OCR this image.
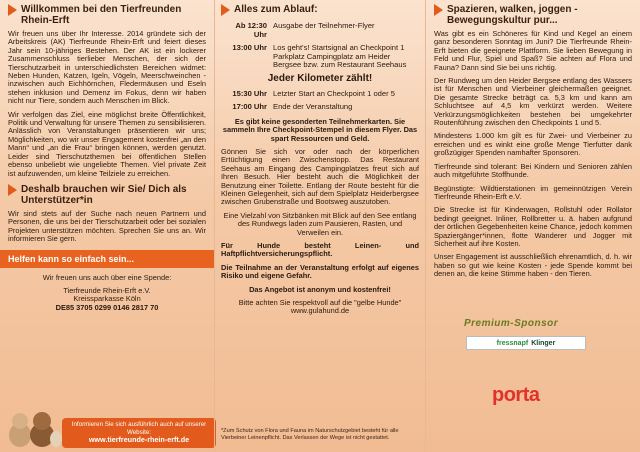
Willkommen bei den Tierfreunden Rhein-Erft

Wir freuen uns über Ihr Interesse. 2014 gründete sich der Arbeitskreis (AK) Tierfreunde Rhein-Erft und feiert dieses Jahr sein 10-jähriges Bestehen. Der AK ist ein lockerer Zusammenschluss tierlieber Menschen, der sich der Tierschutzarbeit in unterschiedlichsten Bereichen widmet: Neben Hunden, Katzen, Igeln, Vögeln, Meerschweinchen - inzwischen auch Eichhörnchen, Fledermäusen und Eseln stehen inklusion und Demenz im Fokus, denn wir haben nicht nur Tiere, sondern auch Menschen im Blick.

Wir verfolgen das Ziel, eine möglichst breite Öffentlichkeit, Politik und Verwaltung für unsere Themen zu sensibilisieren. Anlässlich von Veranstaltungen präsentieren wir uns; Möglichkeiten, wo wir unser Engagement kostenfrei „an den Mann“ und „an die Frau“ bringen können, werden genutzt. Leider sind Tierschutzthemen bei öffentlichen Stellen ebenso unbeliebt wie ungeliebte Themen. Viel private Zeit ist aufzuwenden, um kleine Teilziele zu erreichen.

Deshalb brauchen wir Sie/ Dich als Unterstützer*in

Wir sind stets auf der Suche nach neuen Partnern und Personen, die uns bei der Tierschutzarbeit oder bei sozialen Projekten unterstützen möchten. Sprechen Sie uns an. Wir informieren Sie gern.

Helfen kann so einfach sein...

Wir freuen uns auch über eine Spende:

Tierfreunde Rhein-Erft e.V.
Kreissparkasse Köln
DE85 3705 0299 0146 2817 70
Informieren Sie sich ausführlich auch auf unserer Website:
www.tierfreunde-rhein-erft.de
Alles zum Ablauf:
Ab 12:30 Uhr
Ausgabe der Teilnehmer-Flyer
13:00 Uhr Los geht's! Startsignal an Checkpoint 1 Parkplatz Campingplatz am Heider Bergsee bzw. zum Restaurant Seehaus
Jeder Kilometer zählt!
15:30 Uhr Letzter Start an Checkpoint 1 oder 5
17:00 Uhr Ende der Veranstaltung

Es gibt keine gesonderten Teilnehmerkarten. Sie sammeln Ihre Checkpoint-Stempel in diesem Flyer. Das spart Ressourcen und Geld.

Gönnen Sie sich vor oder nach der körperlichen Ertüchtigung einen Zwischenstopp. Das Restaurant Seehaus am Eingang des Campingplatzes freut sich auf Ihren Besuch. Hier besteht auch die Möglichkeit der Benutzung einer Toilette. Entlang der Route besteht für die Kleinen Gelegenheit, sich auf dem Spielplatz Heiderbergsee zwischen Grubenstraße und Bootsweg auszutoben.

Eine Vielzahl von Sitzbänken mit Blick auf den See entlang des Rundwegs laden zum Pausieren, Rasten, und Verweilen ein.

Für Hunde besteht Leinen- und Haftpflichtversicherungspflicht.

Die Teilnahme an der Veranstaltung erfolgt auf eigenes Risiko und eigene Gefahr.

Das Angebot ist anonym und kostenfrei!

Bitte achten Sie respektvoll auf die "gelbe Hunde" www.gulahund.de

*Zum Schutz von Flora und Fauna im Naturschutzgebiet besteht für alle Vierbeiner Leinenpflicht. Das Verlassen der Wege ist nicht gestattet.
Spazieren, walken, joggen - Bewegungskultur pur...

Was gibt es ein Schöneres für Kind und Kegel an einem ganz besonderen Sonntag im Juni? Die Tierfreunde Rhein-Erft bieten die geeignete Plattform. Sie lieben Bewegung in Feld und Flur, Spiel und Spaß? Sie achten auf Flora und Fauna? Dann sind Sie bei uns richtig.

Der Rundweg um den Heider Bergsee entlang des Wassers ist für Menschen und Vierbeiner gleichermaßen geeignet. Die gesamte Strecke beträgt ca. 5,3 km und kann am Schluchtsee auf 4,5 km verkürzt werden. Weitere Verkürzungsmöglichkeiten bestehen bei umgekehrter Routenführung zwischen den Checkpoints 1 und 5.

Mindestens 1.000 km gilt es für Zwei- und Vierbeiner zu erreichen und es winkt eine große Menge Tierfutter dank großzügiger Spenden namhafter Sponsoren.

Tierfreunde sind tolerant: Bei Kindern und Senioren zählen auch mitgeführte Stoffhunde.

Begünstigte: Wildtierstationen im gemeinnützigen Verein Tierfreunde Rhein-Erft e.V.

Die Strecke ist für Kinderwagen, Rollstuhl oder Rollator bedingt geeignet. Inliner, Rollbretter u. ä. haben aufgrund der örtlichen Gegebenheiten keine Chance, jedoch kommen Spaziergänger*innen, flotte Wanderer und Jogger mit Sicherheit auf ihre Kosten.

Unser Engagement ist ausschließlich ehrenamtlich, d. h. wir haben so gut wie keine Kosten - jede Spende kommt bei denen an, die keine Stimme haben - den Tieren.

Premium-Sponsor
fressnapf Klinger
porta
